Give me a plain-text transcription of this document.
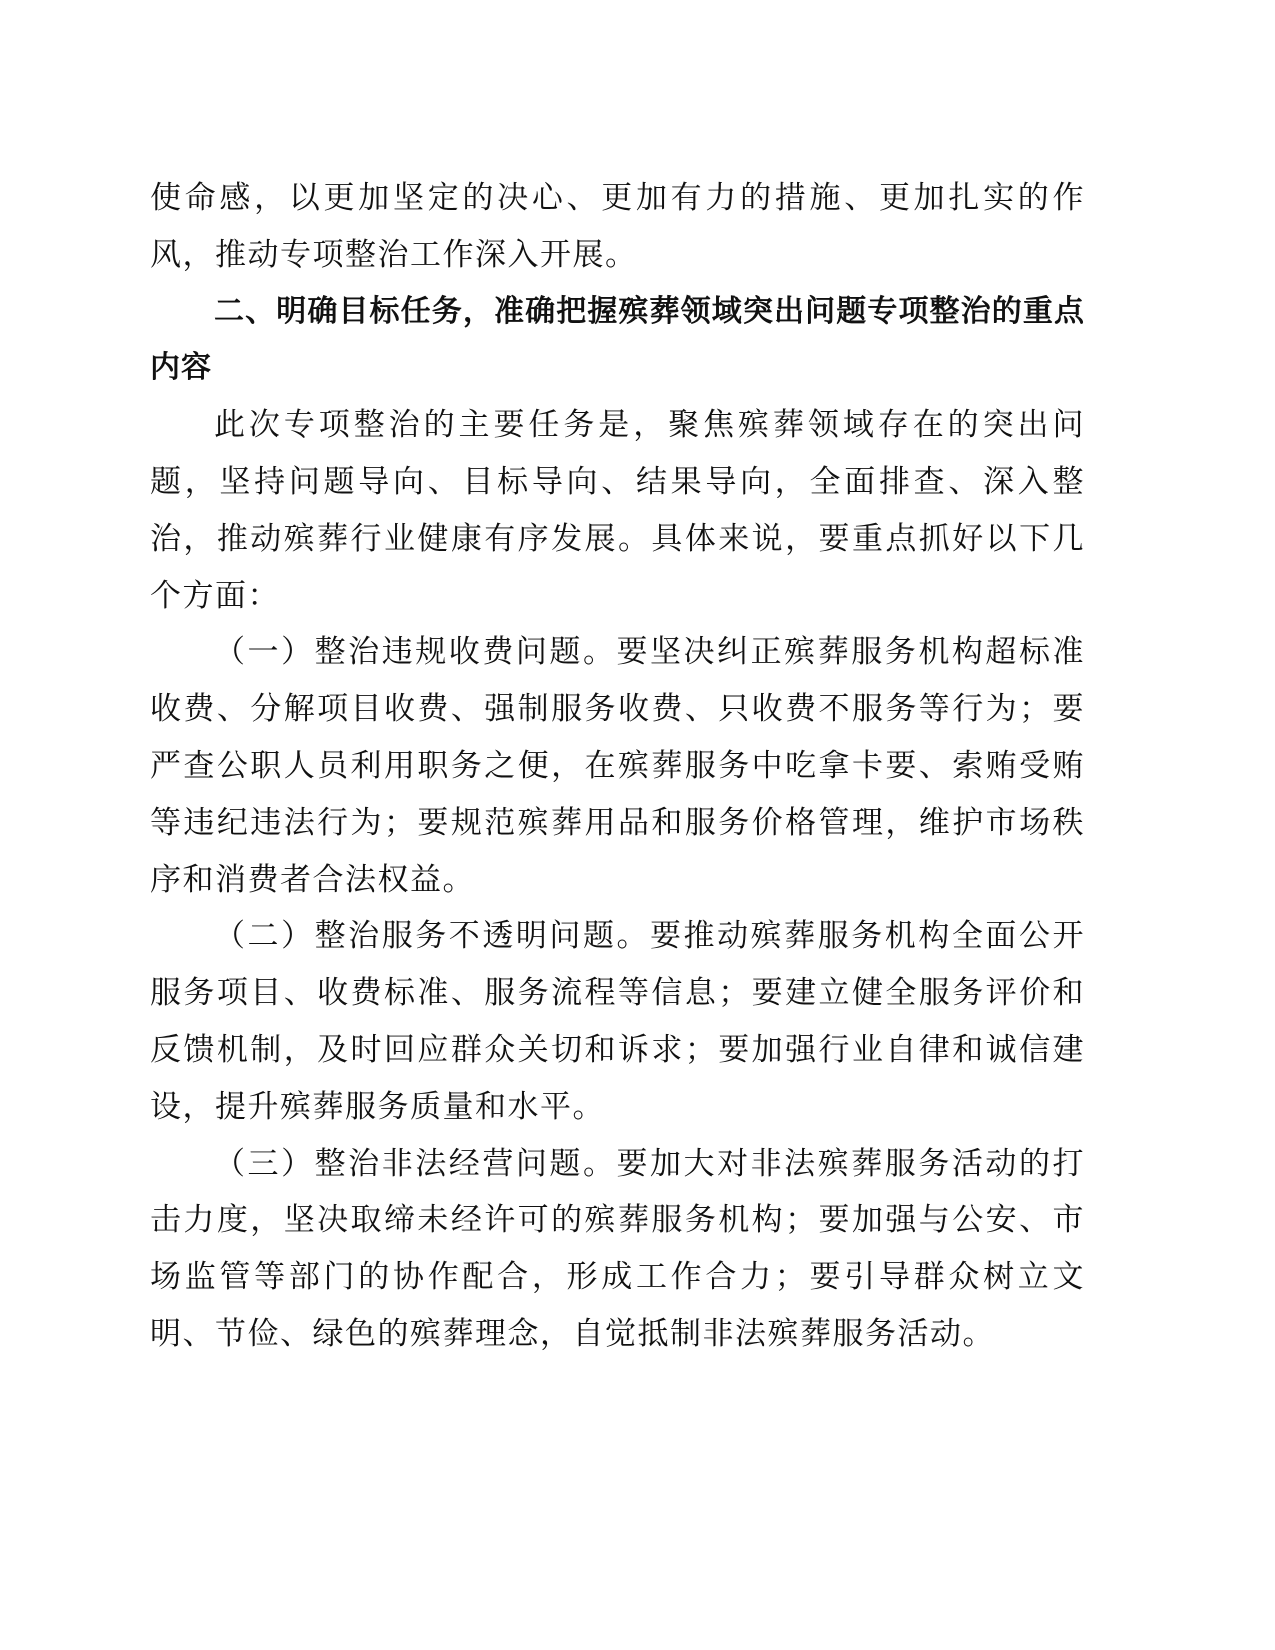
使命感，以更加坚定的决心、更加有力的措施、更加扎实的作风，推动专项整治工作深入开展。

二、明确目标任务，准确把握殡葬领域突出问题专项整治的重点内容

此次专项整治的主要任务是，聚焦殡葬领域存在的突出问题，坚持问题导向、目标导向、结果导向，全面排查、深入整治，推动殡葬行业健康有序发展。具体来说，要重点抓好以下几个方面：

（一）整治违规收费问题。要坚决纠正殡葬服务机构超标准收费、分解项目收费、强制服务收费、只收费不服务等行为；要严查公职人员利用职务之便，在殡葬服务中吃拿卡要、索贿受贿等违纪违法行为；要规范殡葬用品和服务价格管理，维护市场秩序和消费者合法权益。

（二）整治服务不透明问题。要推动殡葬服务机构全面公开服务项目、收费标准、服务流程等信息；要建立健全服务评价和反馈机制，及时回应群众关切和诉求；要加强行业自律和诚信建设，提升殡葬服务质量和水平。

（三）整治非法经营问题。要加大对非法殡葬服务活动的打击力度，坚决取缔未经许可的殡葬服务机构；要加强与公安、市场监管等部门的协作配合，形成工作合力；要引导群众树立文明、节俭、绿色的殡葬理念，自觉抵制非法殡葬服务活动。
